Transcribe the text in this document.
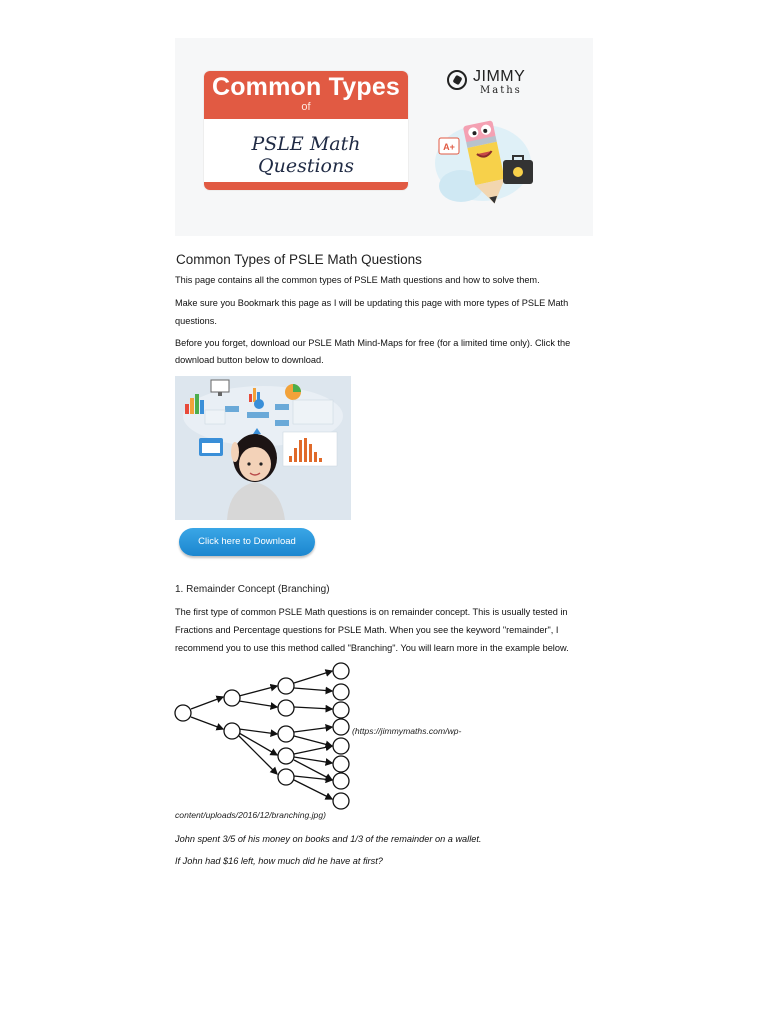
Common Types
of
PSLE Math Questions
JIMMY
Maths
A+
Common Types of PSLE Math Questions
This page contains all the common types of PSLE Math questions and how to solve them.
Make sure you Bookmark this page as I will be updating this page with more types of PSLE Math
questions.
Before you forget, download our PSLE Math Mind-Maps for free (for a limited time only). Click the
download button below to download.
Click here to Download
1. Remainder Concept (Branching)
The first type of common PSLE Math questions is on remainder concept. This is usually tested in
Fractions and Percentage questions for PSLE Math. When you see the keyword "remainder", I
recommend you to use this method called "Branching". You will learn more in the example below.
(https://jimmymaths.com/wp-
content/uploads/2016/12/branching.jpg)
John spent 3/5 of his money on books and 1/3 of the remainder on a wallet.
If John had $16 left, how much did he have at first?
